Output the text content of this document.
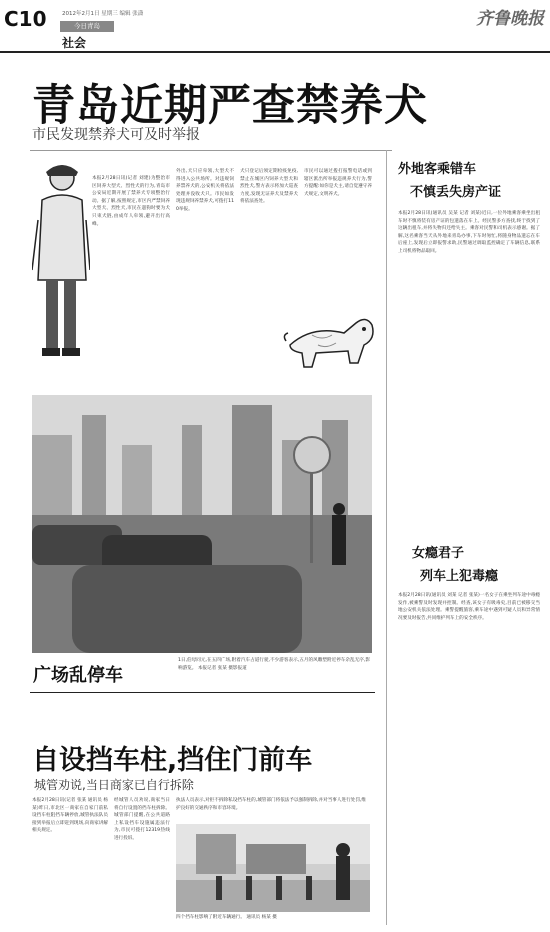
C10	2012年2月1日 星期三 编辑 张潇
今日青岛
社会
齐鲁晚报
青岛近期严查禁养犬
市民发现禁养犬可及时举报
本报2月28日讯(记者 刘建)为整治市区饲养大型犬、烈性犬的行为,青岛市公安局近期开展了禁养犬专项整治行动。据了解,按照规定,市区内严禁饲养大型犬、烈性犬,市民在遛狗时要为犬只束犬链,由成年人牵领,避开出行高峰。
外出,犬只应牵领,大型犬不得进入公共场所。对违规饲养禁养犬的,公安机关将依法处理并没收犬只。市民如发现违规饲养禁养犬,可拨打110举报。
犬只登记后须定期检疫免疫,禁止在城区内饲养大型犬和烈性犬,警方表示将加大巡查力度,发现无证养犬及禁养犬将依法查处。
市民可以通过拨打报警电话或到辖区派出所举报违规养犬行为,警方提醒:如你是犬主,请自觉遵守养犬规定,文明养犬。
广场乱停车
1日,伯母同元,在五四广场,附着汽车占道行驶,不少游客表示,五月的风雕塑附近停车杂乱无序,影响游览。 本报记者 张某 摄影报道
自设挡车柱,挡住门前车
城管劝说,当日商家已自行拆除
本报2月28日讯(记者 张某 通讯员 杨某)昨日,市北区一商家在自家门前私设挡车柱阻挡车辆停放,城管执法队员接到举报后立即赶到现场,向商家讲解相关规定。
经城管人员劝说,商家当日将自行设置的挡车柱拆除。城管部门提醒,在公共道路上私设挡车设施属违法行为,市民可拨打12319热线进行投诉。
执法人员表示,对拒不拆除私设挡车柱的,城管部门将依法予以强制拆除,并对当事人进行处罚,维护良好的交通秩序和市容环境。
四个挡车柱影响了附近车辆通行。 通讯员 杨某 摄
外地客乘错车
不慎丢失房产证
本报2月28日讯(通讯员 吴某 记者 刘某)近日,一位外地乘客乘坐出租车时不慎将装有房产证的包遗落在车上。经民警多方查找,终于找到了这辆出租车,并将失物归还给失主。乘客对民警和司机表示感谢。据了解,这名乘客当天从外地来青岛办事,下车时匆忙,将随身物品遗忘在车后座上,发现后立即报警求助,民警通过调取监控确定了车辆信息,联系上司机将物品取回。
女瘾君子
列车上犯毒瘾
本报2月28日讯(通讯员 刘某 记者 张某)一名女子在乘坐列车途中毒瘾发作,被乘警及时发现并控制。经查,该女子有吸毒史,目前已被移交当地公安机关依法处理。乘警提醒旅客,乘车途中遇到可疑人员和异常情况要及时报告,共同维护列车上的安全秩序。
